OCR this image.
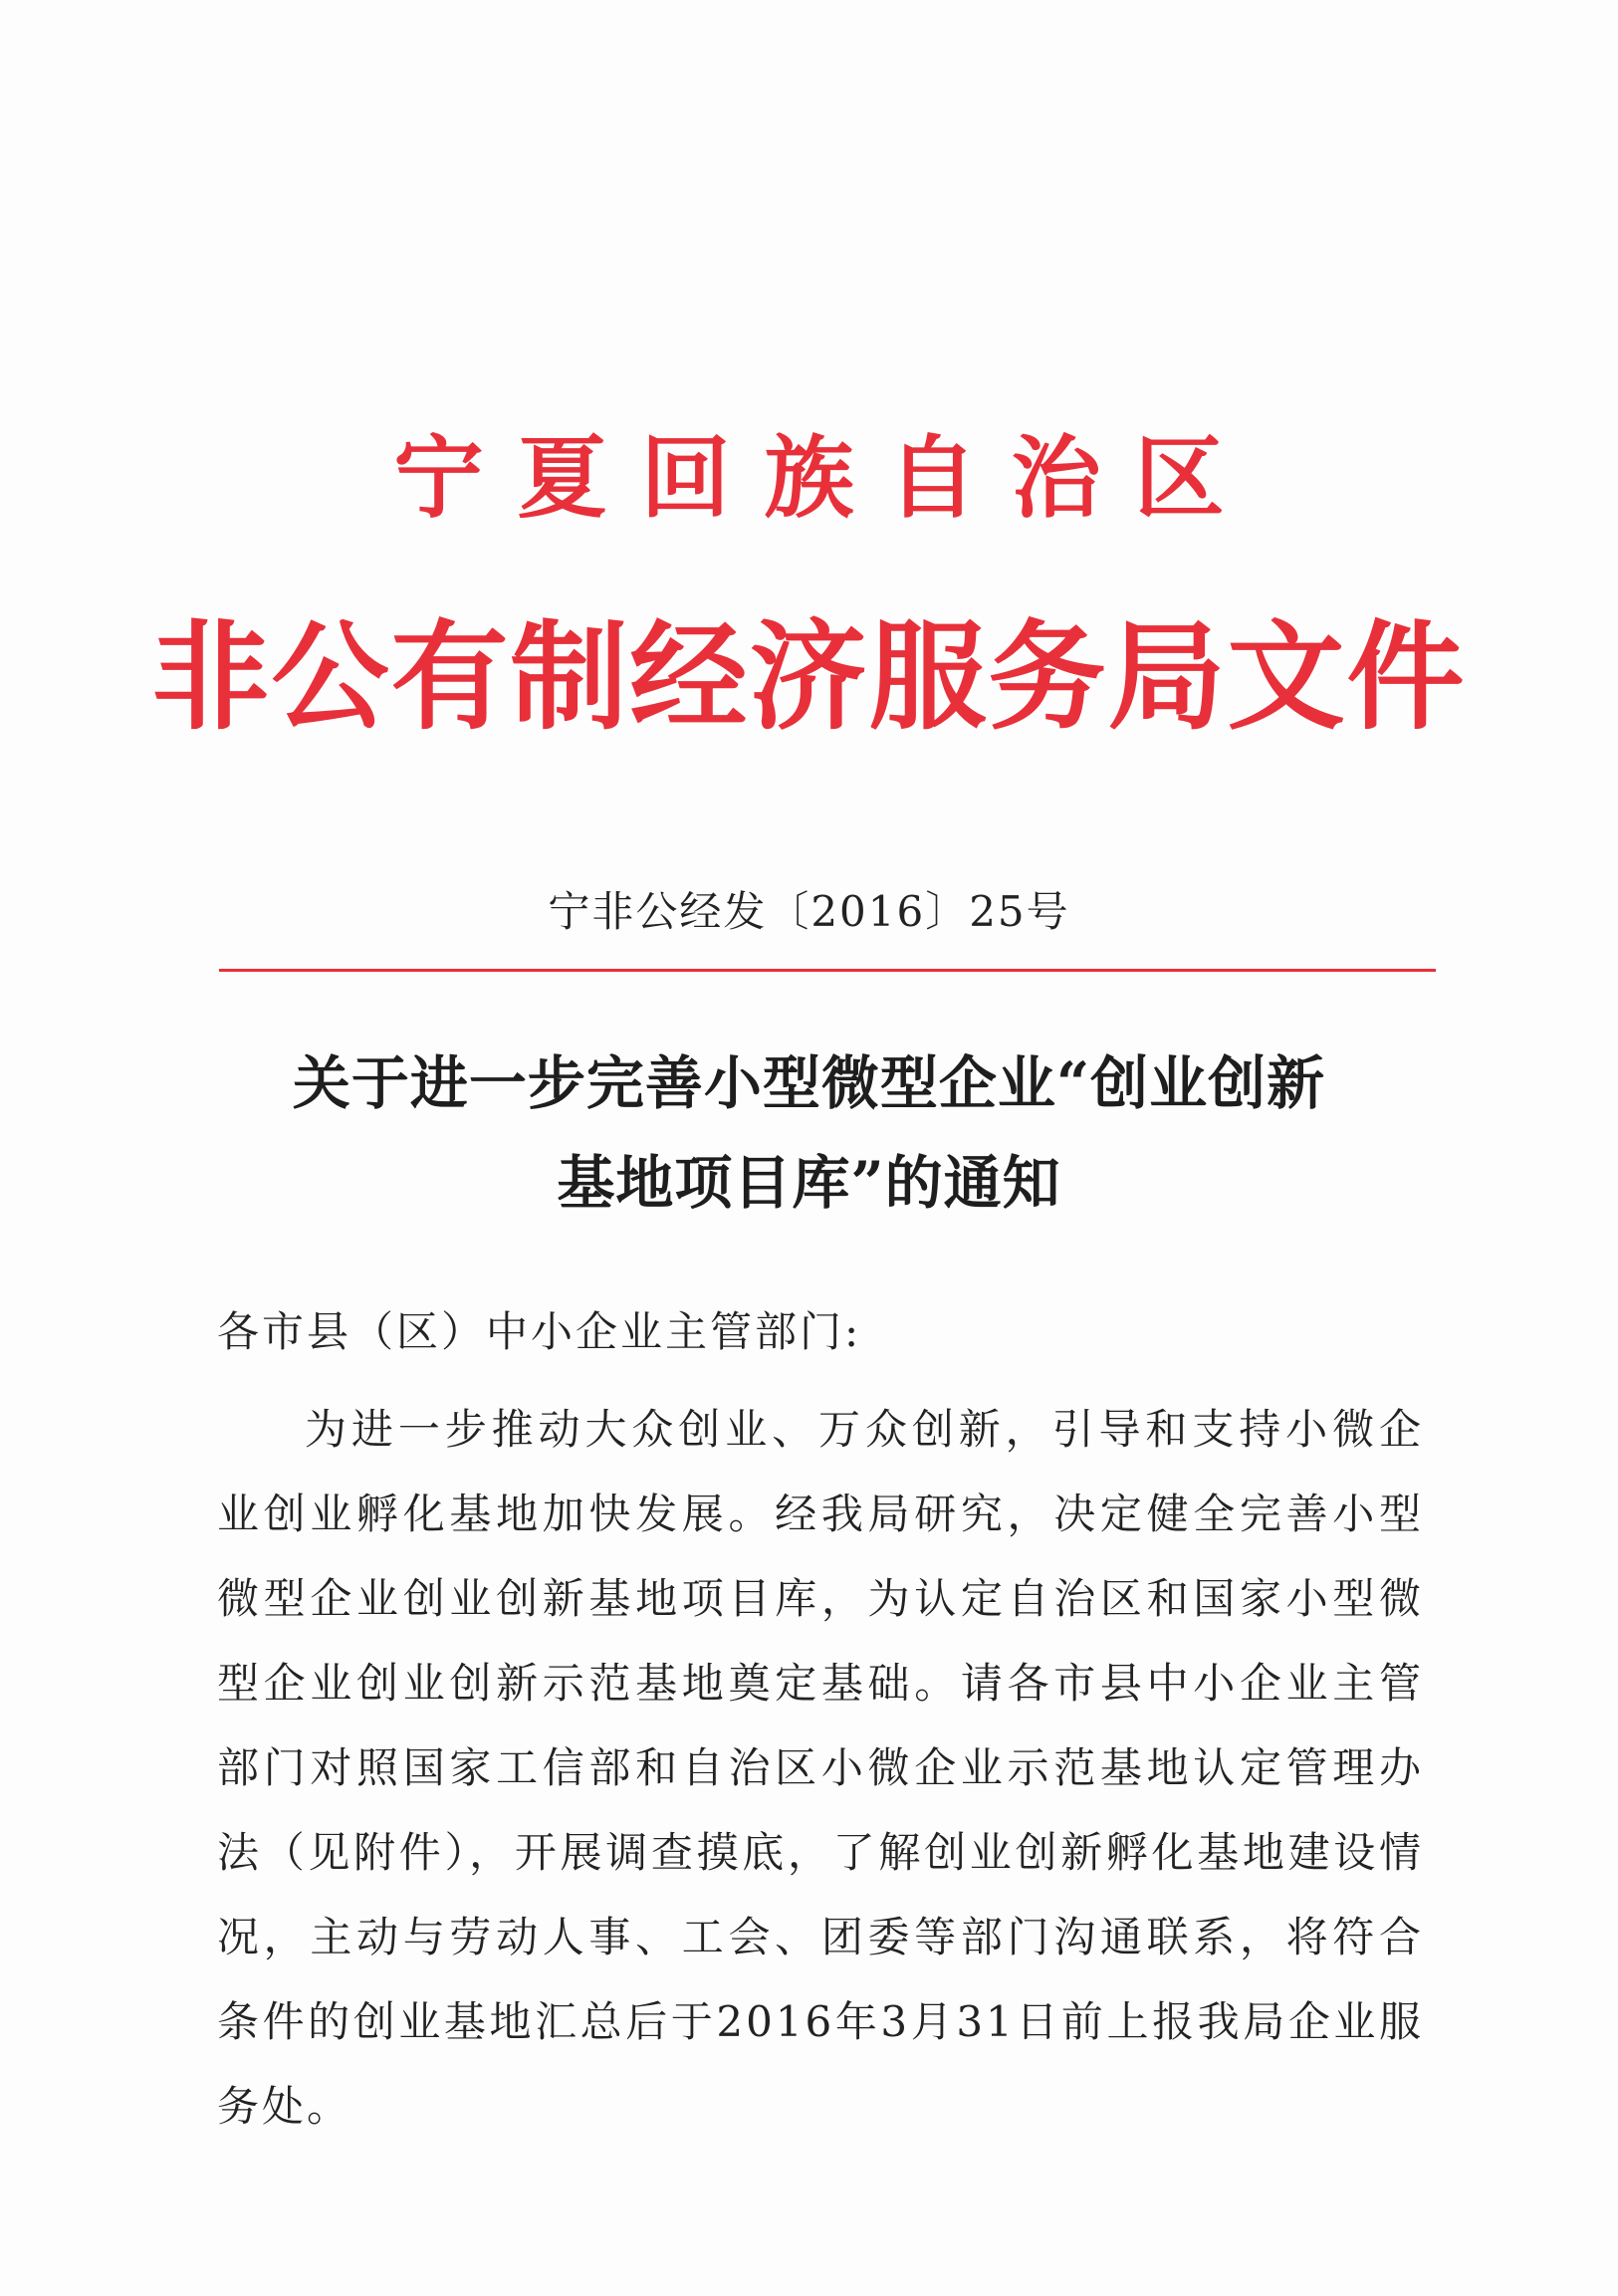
宁夏回族自治区
非公有制经济服务局文件
宁非公经发〔2016〕25号
关于进一步完善小型微型企业“创业创新
基地项目库”的通知
各市县（区）中小企业主管部门:
为进一步推动大众创业、万众创新，引导和支持小微企业创业孵化基地加快发展。经我局研究，决定健全完善小型微型企业创业创新基地项目库，为认定自治区和国家小型微型企业创业创新示范基地奠定基础。请各市县中小企业主管部门对照国家工信部和自治区小微企业示范基地认定管理办法（见附件），开展调查摸底，了解创业创新孵化基地建设情况，主动与劳动人事、工会、团委等部门沟通联系，将符合条件的创业基地汇总后于2016年3月31日前上报我局企业服务处。
